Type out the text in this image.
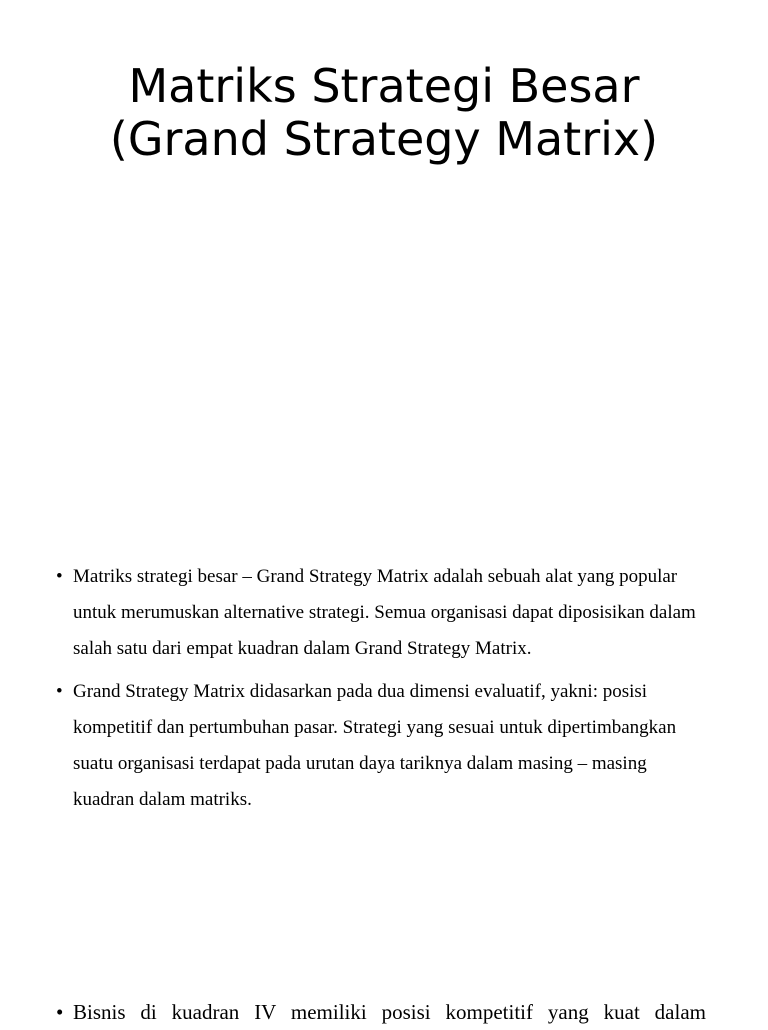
Matriks Strategi Besar (Grand Strategy Matrix)
• Matriks strategi besar – Grand Strategy Matrix adalah sebuah alat yang popular untuk merumuskan alternative strategi. Semua organisasi dapat diposisikan dalam salah satu dari empat kuadran dalam Grand Strategy Matrix.
• Grand Strategy Matrix didasarkan pada dua dimensi evaluatif, yakni: posisi kompetitif dan pertumbuhan pasar. Strategi yang sesuai untuk dipertimbangkan suatu organisasi terdapat pada urutan daya tariknya dalam masing – masing kuadran dalam matriks.
• Bisnis di kuadran IV memiliki posisi kompetitif yang kuat dalam
